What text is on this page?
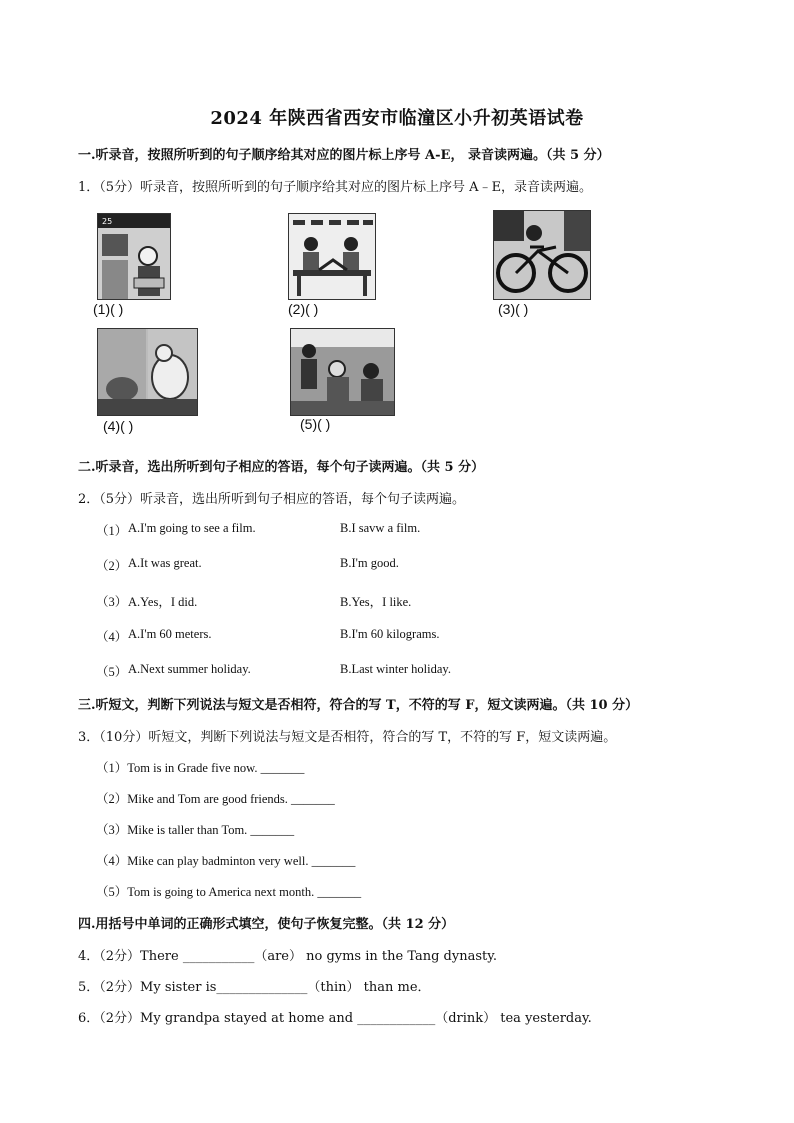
2024 年陕西省西安市临潼区小升初英语试卷
一.听录音，按照所听到的句子顺序给其对应的图片标上序号 A-E， 录音读两遍。（共 5 分）
1．（5分）听录音，按照所听到的句子顺序给其对应的图片标上序号 A﹣E，录音读两遍。
25
(1)( )	(2)( )	(3)( )
(4)( )	(5)( )
二.听录音，选出所听到句子相应的答语，每个句子读两遍。（共 5 分）
2．（5分）听录音，选出所听到句子相应的答语，每个句子读两遍。
（1） A.I'm going to see a film.	B.I savw a film.
（2） A.It was great.	B.I'm good.
（3） A.Yes，I did.	B.Yes，I like.
（4） A.I'm 60 meters.	B.I'm 60 kilograms.
（5） A.Next summer holiday.	B.Last winter holiday.
三.听短文，判断下列说法与短文是否相符，符合的写 T，不符的写 F，短文读两遍。（共 10 分）
3．（10分）听短文，判断下列说法与短文是否相符，符合的写 T，不符的写 F，短文读两遍。
（1）Tom is in Grade five now. _______
（2）Mike and Tom are good friends. _______
（3）Mike is taller than Tom. _______
（4）Mike can play badminton very well. _______
（5）Tom is going to America next month. _______
四.用括号中单词的正确形式填空，使句子恢复完整。（共 12 分）
4．（2分）There ___________（are） no gyms in the Tang dynasty.
5．（2分）My sister is______________（thin） than me．
6．（2分）My grandpa stayed at home and ____________（drink） tea yesterday.
